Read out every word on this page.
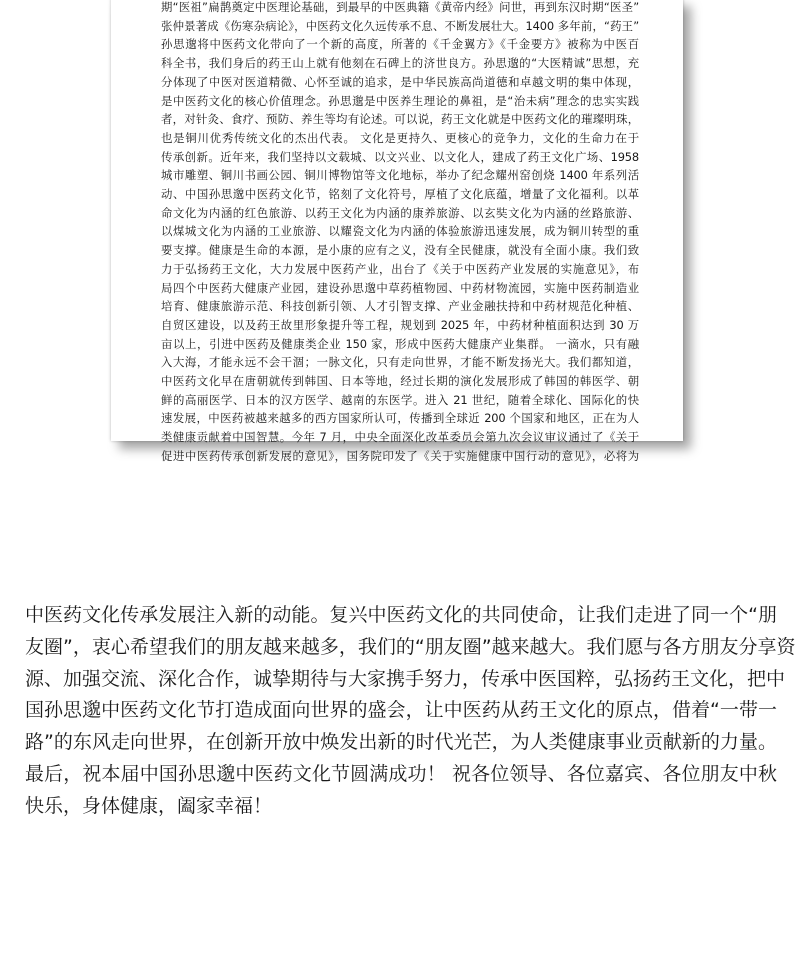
期“医祖”扁鹊奠定中医理论基础，到最早的中医典籍《黄帝内经》问世，再到东汉时期“医圣”
张仲景著成《伤寒杂病论》，中医药文化久远传承不息、不断发展壮大。1400 多年前，“药王”
孙思邈将中医药文化带向了一个新的高度，所著的《千金翼方》《千金要方》被称为中医百
科全书，我们身后的药王山上就有他刻在石碑上的济世良方。孙思邈的“大医精诚”思想，充
分体现了中医对医道精微、心怀至诚的追求，是中华民族高尚道德和卓越文明的集中体现，
是中医药文化的核心价值理念。孙思邈是中医养生理论的鼻祖，是“治未病”理念的忠实实践
者，对针灸、食疗、预防、养生等均有论述。可以说，药王文化就是中医药文化的璀璨明珠，
也是铜川优秀传统文化的杰出代表。 文化是更持久、更核心的竞争力，文化的生命力在于
传承创新。近年来，我们坚持以文载城、以文兴业、以文化人，建成了药王文化广场、1958
城市雕塑、铜川书画公园、铜川博物馆等文化地标，举办了纪念耀州窑创烧 1400 年系列活
动、中国孙思邈中医药文化节，铭刻了文化符号，厚植了文化底蕴，增量了文化福利。以革
命文化为内涵的红色旅游、以药王文化为内涵的康养旅游、以玄奘文化为内涵的丝路旅游、
以煤城文化为内涵的工业旅游、以耀瓷文化为内涵的体验旅游迅速发展，成为铜川转型的重
要支撑。健康是生命的本源，是小康的应有之义，没有全民健康，就没有全面小康。我们致
力于弘扬药王文化，大力发展中医药产业，出台了《关于中医药产业发展的实施意见》，布
局四个中医药大健康产业园，建设孙思邈中草药植物园、中药材物流园，实施中医药制造业
培育、健康旅游示范、科技创新引领、人才引智支撑、产业金融扶持和中药材规范化种植、
自贸区建设，以及药王故里形象提升等工程，规划到 2025 年，中药材种植面积达到 30 万
亩以上，引进中医药及健康类企业 150 家，形成中医药大健康产业集群。 一滴水，只有融
入大海，才能永远不会干涸；一脉文化，只有走向世界，才能不断发扬光大。我们都知道，
中医药文化早在唐朝就传到韩国、日本等地，经过长期的演化发展形成了韩国的韩医学、朝
鲜的高丽医学、日本的汉方医学、越南的东医学。进入 21 世纪，随着全球化、国际化的快
速发展，中医药被越来越多的西方国家所认可，传播到全球近 200 个国家和地区，正在为人
类健康贡献着中国智慧。今年 7 月，中央全面深化改革委员会第九次会议审议通过了《关于
促进中医药传承创新发展的意见》，国务院印发了《关于实施健康中国行动的意见》，必将为
中医药文化传承发展注入新的动能。复兴中医药文化的共同使命，让我们走进了同一个“朋
友圈”，衷心希望我们的朋友越来越多，我们的“朋友圈”越来越大。我们愿与各方朋友分享资
源、加强交流、深化合作，诚挚期待与大家携手努力，传承中医国粹，弘扬药王文化，把中
国孙思邈中医药文化节打造成面向世界的盛会，让中医药从药王文化的原点，借着“一带一
路”的东风走向世界，在创新开放中焕发出新的时代光芒，为人类健康事业贡献新的力量。
最后，祝本届中国孙思邈中医药文化节圆满成功！ 祝各位领导、各位嘉宾、各位朋友中秋
快乐，身体健康，阖家幸福！
